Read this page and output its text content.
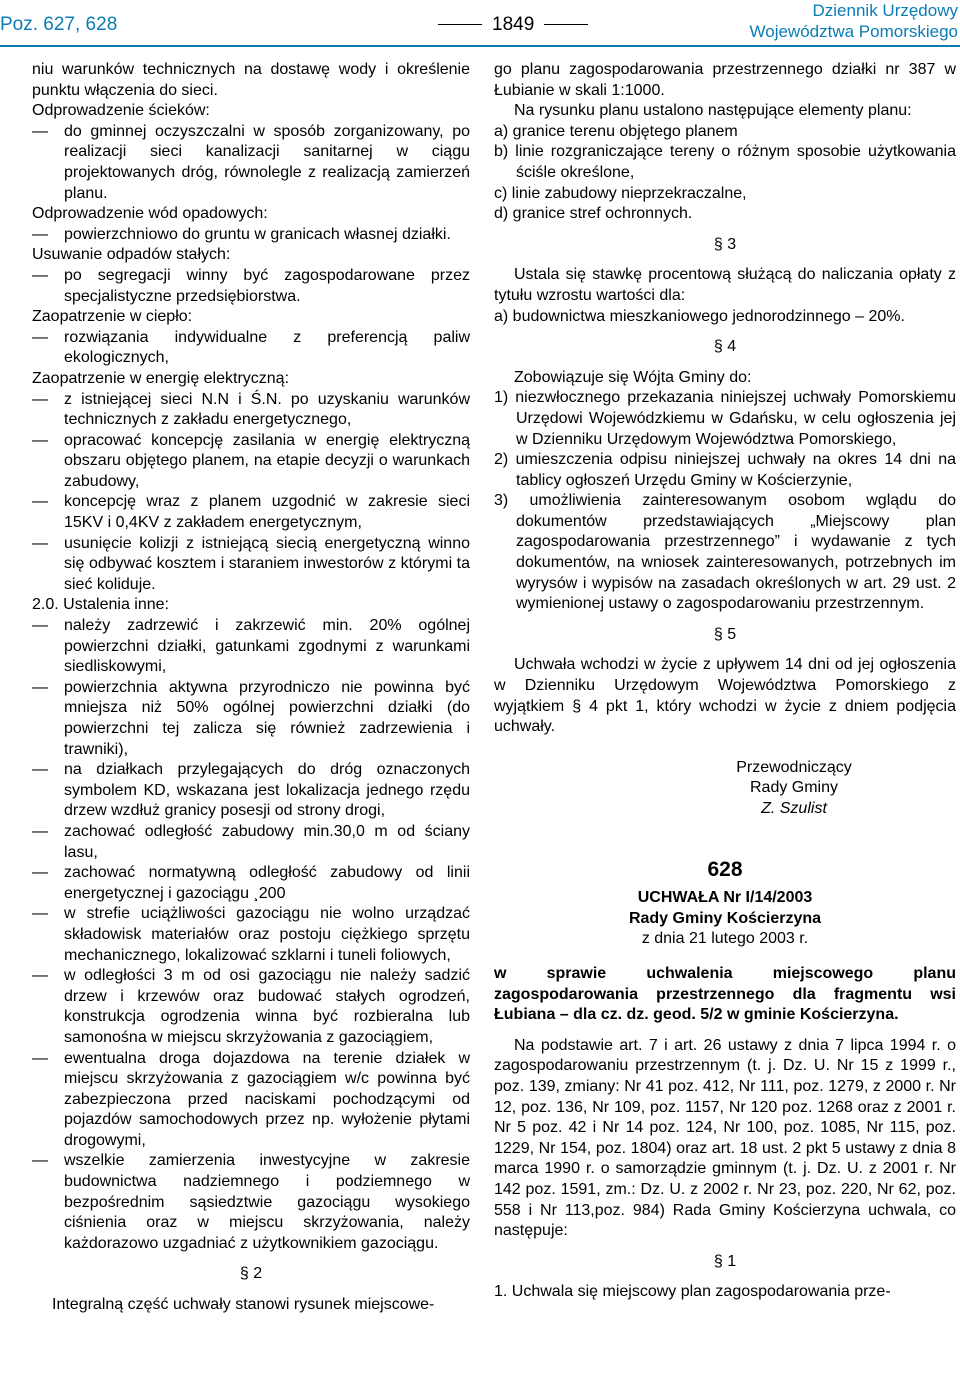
Poz. 627, 628	1849
Dziennik Urzędowy
Województwa Pomorskiego

niu warunków technicznych na dostawę wody i określenie punktu włączenia do sieci.

Odprowadzenie ścieków:

— do gminnej oczyszczalni w sposób zorganizowany, po realizacji sieci kanalizacji sanitarnej w ciągu projektowanych dróg, równolegle z realizacją zamierzeń planu.

Odprowadzenie wód opadowych:

— powierzchniowo do gruntu w granicach własnej działki.

Usuwanie odpadów stałych:

— po segregacji winny być zagospodarowane przez specjalistyczne przedsiębiorstwa.

Zaopatrzenie w ciepło:

— rozwiązania indywidualne z preferencją paliw ekologicznych,

Zaopatrzenie w energię elektryczną:

— z istniejącej sieci N.N i Ś.N. po uzyskaniu warunków technicznych z zakładu energetycznego,

— opracować koncepcję zasilania w energię elektryczną obszaru objętego planem, na etapie decyzji o warunkach zabudowy,

— koncepcję wraz z planem uzgodnić w zakresie sieci 15KV i 0,4KV z zakładem energetycznym,

— usunięcie kolizji z istniejącą siecią energetyczną winno się odbywać kosztem i staraniem inwestorów z którymi ta sieć koliduje.

2.0. Ustalenia inne:

— należy zadrzewić i zakrzewić min. 20% ogólnej powierzchni działki, gatunkami zgodnymi z warunkami siedliskowymi,

— powierzchnia aktywna przyrodniczo nie powinna być mniejsza niż 50% ogólnej powierzchni działki (do powierzchni tej zalicza się również zadrzewienia i trawniki),

— na działkach przylegających do dróg oznaczonych symbolem KD, wskazana jest lokalizacja jednego rzędu drzew wzdłuż granicy posesji od strony drogi,

— zachować odległość zabudowy min.30,0 m od ściany lasu,

— zachować normatywną odległość zabudowy od linii energetycznej i gazociągu ¸200

— w strefie uciążliwości gazociągu nie wolno urządzać składowisk materiałów oraz postoju ciężkiego sprzętu mechanicznego, lokalizować szklarni i tuneli foliowych,

— w odległości 3 m od osi gazociągu nie należy sadzić drzew i krzewów oraz budować stałych ogrodzeń, konstrukcja ogrodzenia winna być rozbieralna lub samonośna w miejscu skrzyżowania z gazociągiem,

— ewentualna droga dojazdowa na terenie działek w miejscu skrzyżowania z gazociągiem w/c powinna być zabezpieczona przed naciskami pochodzącymi od pojazdów samochodowych przez np. wyłożenie płytami drogowymi,

— wszelkie zamierzenia inwestycyjne w zakresie budownictwa nadziemnego i podziemnego w bezpośrednim sąsiedztwie gazociągu wysokiego ciśnienia oraz w miejscu skrzyżowania, należy każdorazowo uzgadniać z użytkownikiem gazociągu.

§ 2

Integralną część uchwały stanowi rysunek miejscowe-

go planu zagospodarowania przestrzennego działki nr 387 w Łubianie w skali 1:1000.

Na rysunku planu ustalono następujące elementy planu:

a) granice terenu objętego planem

b) linie rozgraniczające tereny o różnym sposobie użytkowania ściśle określone,

c) linie zabudowy nieprzekraczalne,

d) granice stref ochronnych.

§ 3

Ustala się stawkę procentową służącą do naliczania opłaty z tytułu wzrostu wartości dla:

a) budownictwa mieszkaniowego jednorodzinnego – 20%.

§ 4

Zobowiązuje się Wójta Gminy do:

1) niezwłocznego przekazania niniejszej uchwały Pomorskiemu Urzędowi Wojewódzkiemu w Gdańsku, w celu ogłoszenia jej w Dzienniku Urzędowym Województwa Pomorskiego,

2) umieszczenia odpisu niniejszej uchwały na okres 14 dni na tablicy ogłoszeń Urzędu Gminy w Kościerzynie,

3) umożliwienia zainteresowanym osobom wglądu do dokumentów przedstawiających „Miejscowy plan zagospodarowania przestrzennego” i wydawanie z tych dokumentów, na wniosek zainteresowanych, potrzebnych im wyrysów i wypisów na zasadach określonych w art. 29 ust. 2 wymienionej ustawy o zagospodarowaniu przestrzennym.

§ 5

Uchwała wchodzi w życie z upływem 14 dni od jej ogłoszenia w Dzienniku Urzędowym Województwa Pomorskiego z wyjątkiem § 4 pkt 1, który wchodzi w życie z dniem podjęcia uchwały.

Przewodniczący

Rady Gminy

Z. Szulist

628

UCHWAŁA Nr I/14/2003

Rady Gminy Kościerzyna

z dnia 21 lutego 2003 r.

w sprawie uchwalenia miejscowego planu zagospodarowania przestrzennego dla fragmentu wsi Łubiana – dla cz. dz. geod. 5/2 w gminie Kościerzyna.

Na podstawie art. 7 i art. 26 ustawy z dnia 7 lipca 1994 r. o zagospodarowaniu przestrzennym (t. j. Dz. U. Nr 15 z 1999 r., poz. 139, zmiany: Nr 41 poz. 412, Nr 111, poz. 1279, z 2000 r. Nr 12, poz. 136, Nr 109, poz. 1157, Nr 120 poz. 1268 oraz z 2001 r. Nr 5 poz. 42 i Nr 14 poz. 124, Nr 100, poz. 1085, Nr 115, poz. 1229, Nr 154, poz. 1804) oraz art. 18 ust. 2 pkt 5 ustawy z dnia 8 marca 1990 r. o samorządzie gminnym (t. j. Dz. U. z 2001 r. Nr 142 poz. 1591, zm.: Dz. U. z 2002 r. Nr 23, poz. 220, Nr 62, poz. 558 i Nr 113,poz. 984) Rada Gminy Kościerzyna uchwala, co następuje:

§ 1

1. Uchwala się miejscowy plan zagospodarowania prze-
